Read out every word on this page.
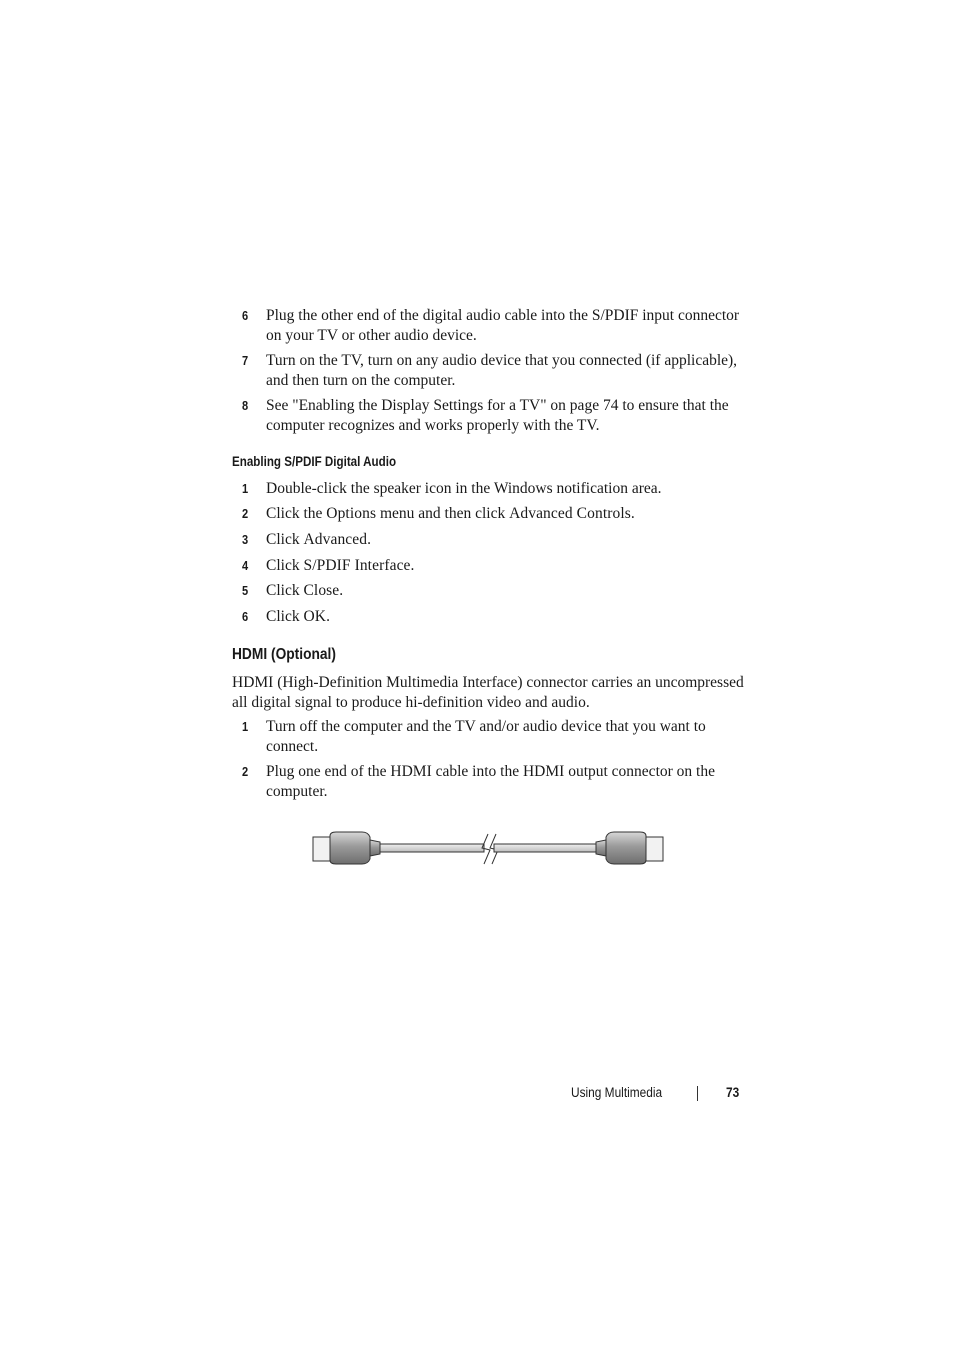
6 Plug the other end of the digital audio cable into the S/PDIF input connector on your TV or other audio device.
7 Turn on the TV, turn on any audio device that you connected (if applicable), and then turn on the computer.
8 See "Enabling the Display Settings for a TV" on page 74 to ensure that the computer recognizes and works properly with the TV.
Enabling S/PDIF Digital Audio
1 Double-click the speaker icon in the Windows notification area.
2 Click the Options menu and then click Advanced Controls.
3 Click Advanced.
4 Click S/PDIF Interface.
5 Click Close.
6 Click OK.
HDMI (Optional)
HDMI (High-Definition Multimedia Interface) connector carries an uncompressed all digital signal to produce hi-definition video and audio.
1 Turn off the computer and the TV and/or audio device that you want to connect.
2 Plug one end of the HDMI cable into the HDMI output connector on the computer.
Using Multimedia	73
